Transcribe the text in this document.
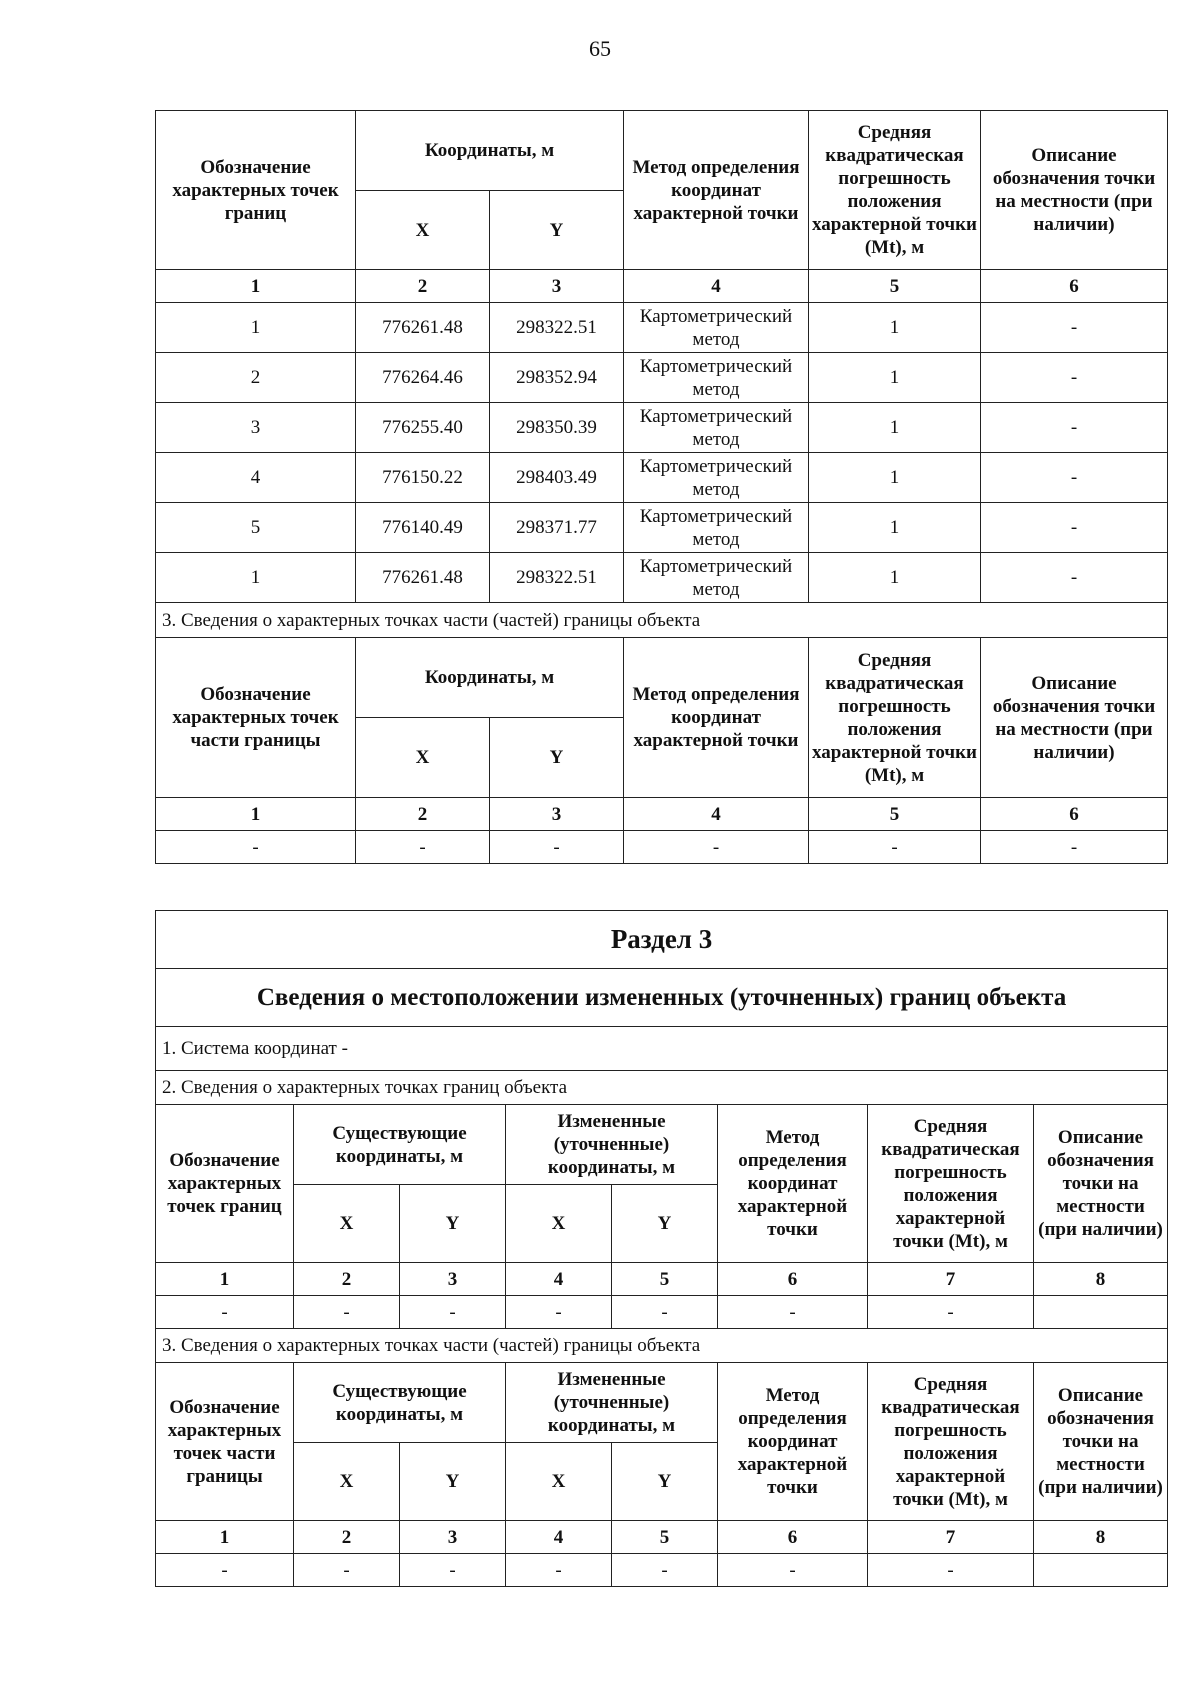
65
Обозначение характерных точек границ	Координаты, м		Метод определения координат характерной точки	Средняя квадратическая погрешность положения характерной точки (Mt), м	Описание обозначения точки на местности (при наличии)
	X	Y			
1	2	3	4	5	6
1	776261.48	298322.51	Картометрический метод	1	-
2	776264.46	298352.94	Картометрический метод	1	-
3	776255.40	298350.39	Картометрический метод	1	-
4	776150.22	298403.49	Картометрический метод	1	-
5	776140.49	298371.77	Картометрический метод	1	-
1	776261.48	298322.51	Картометрический метод	1	-
3. Сведения о характерных точках части (частей) границы объекта					
Обозначение характерных точек части границы	Координаты, м		Метод определения координат характерной точки	Средняя квадратическая погрешность положения характерной точки (Mt), м	Описание обозначения точки на местности (при наличии)
	X	Y			
1	2	3	4	5	6
-	-	-	-	-	-
Раздел 3							
Сведения о местоположении измененных (уточненных) границ объекта							
1. Система координат -							
2. Сведения о характерных точках границ объекта							
Обозначение характерных точек границ	Существующие координаты, м		Измененные (уточненные) координаты, м		Метод определения координат характерной точки	Средняя квадратическая погрешность положения характерной точки (Mt), м	Описание обозначения точки на местности (при наличии)
	X	Y	X	Y			
1	2	3	4	5	6	7	8
-	-	-	-	-	-	-	
3. Сведения о характерных точках части (частей) границы объекта							
Обозначение характерных точек части границы	Существующие координаты, м		Измененные (уточненные) координаты, м		Метод определения координат характерной точки	Средняя квадратическая погрешность положения характерной точки (Mt), м	Описание обозначения точки на местности (при наличии)
	X	Y	X	Y			
1	2	3	4	5	6	7	8
-	-	-	-	-	-	-	
